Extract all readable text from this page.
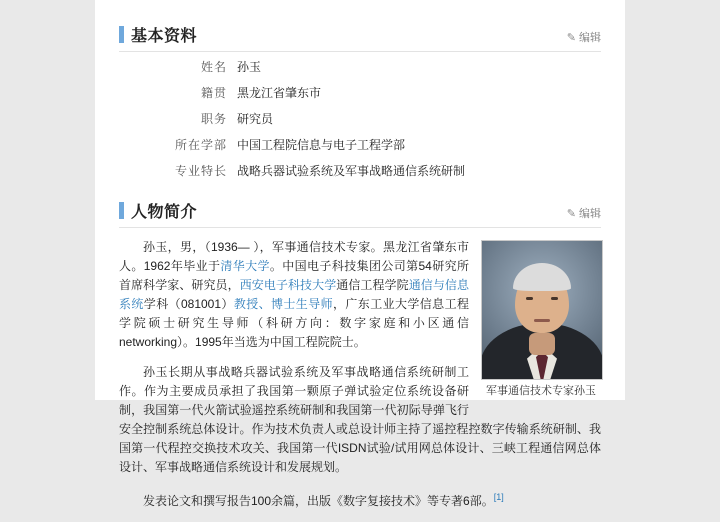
基本资料	✎ 编辑
姓名 孙玉
籍贯 黑龙江省肇东市
职务 研究员
所在学部 中国工程院信息与电子工程学部
专业特长 战略兵器试验系统及军事战略通信系统研制
人物简介	✎ 编辑
军事通信技术专家孙玉

孙玉，男，（1936— ），军事通信技术专家。黑龙江省肇东市人。1962年毕业于清华大学。中国电子科技集团公司第54研究所首席科学家、研究员，西安电子科技大学通信工程学院通信与信息系统学科（081001）教授、博士生导师，广东工业大学信息工程学院硕士研究生导师（科研方向：数字家庭和小区通信networking）。1995年当选为中国工程院院士。

孙玉长期从事战略兵器试验系统及军事战略通信系统研制工作。作为主要成员承担了我国第一颗原子弹试验定位系统设备研制，我国第一代火箭试验遥控系统研制和我国第一代初际导弹飞行安全控制系统总体设计。作为技术负责人或总设计师主持了遥控程控数字传输系统研制、我国第一代程控交换技术攻关、我国第一代ISDN试验/试用网总体设计、三峡工程通信网总体设计、军事战略通信系统设计和发展规划。

发表论文和撰写报告100余篇，出版《数字复接技术》等专著6部。[1]
